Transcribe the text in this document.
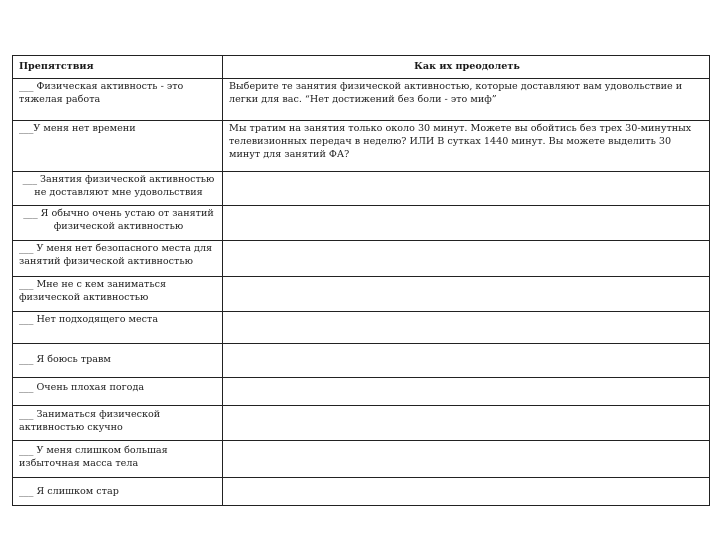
Препятствия	Как их преодолеть
___ Физическая активность - это тяжелая работа	Выберите те занятия физической активностью, которые доставляют вам удовольствие и легки для вас. “Нет достижений без боли - это миф”
___У меня нет времени	Мы тратим на занятия только около 30 минут. Можете вы обойтись без трех 30-минутных телевизионных передач в неделю? ИЛИ В сутках 1440 минут. Вы можете выделить 30 минут для занятий ФА?
___ Занятия физической активностью не доставляют мне удовольствия	
___ Я обычно очень устаю от занятий физической активностью	
___ У меня нет безопасного места для занятий физической активностью	
___ Мне не с кем заниматься физической активностью	
___ Нет подходящего места	
___ Я боюсь травм	
___ Очень плохая погода	
___ Заниматься физической активностью скучно	
___ У меня слишком большая избыточная масса тела	
___ Я слишком стар	
